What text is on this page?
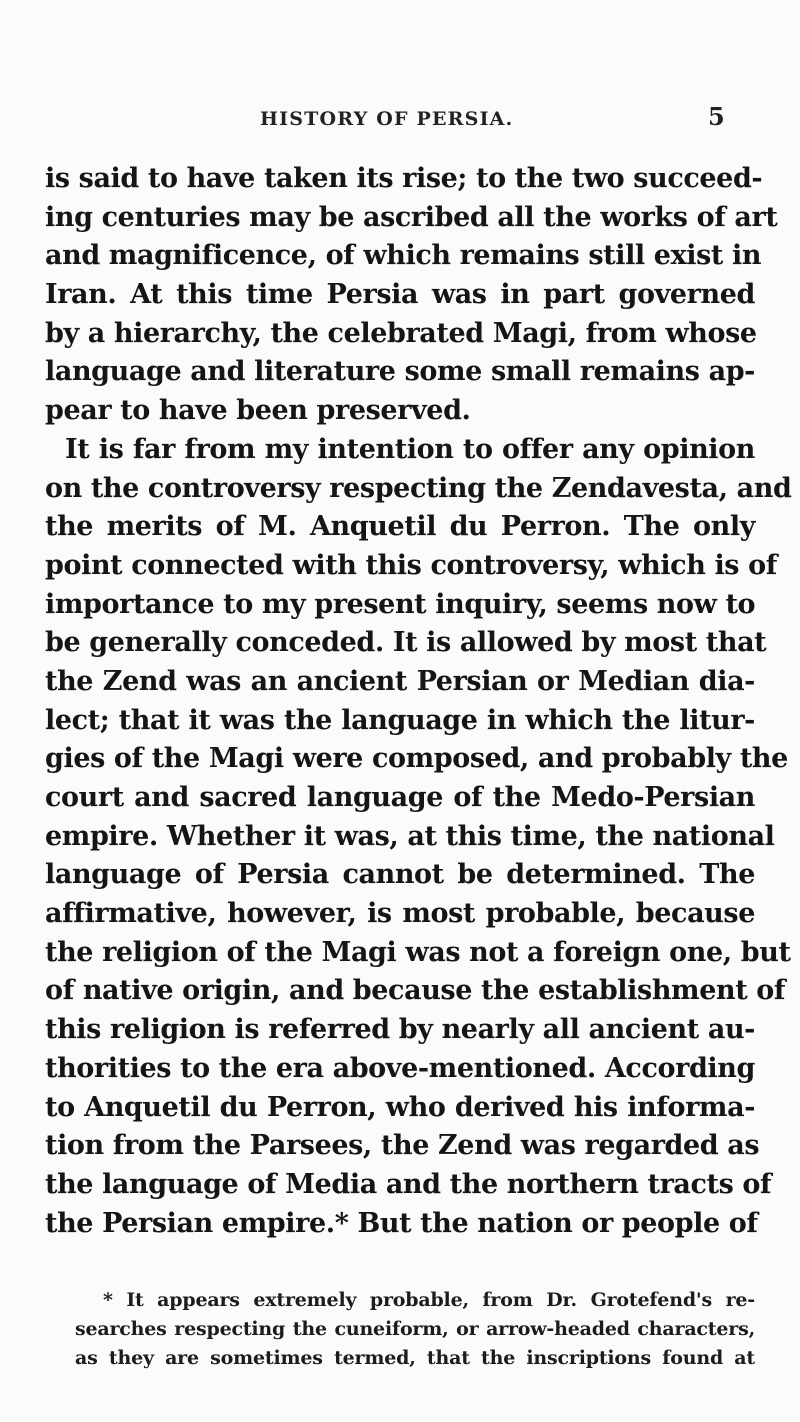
HISTORY OF PERSIA.	5
is said to have taken its rise; to the two succeed-
ing centuries may be ascribed all the works of art
and magnificence, of which remains still exist in
Iran. At this time Persia was in part governed
by a hierarchy, the celebrated Magi, from whose
language and literature some small remains ap-
pear to have been preserved.
It is far from my intention to offer any opinion
on the controversy respecting the Zendavesta, and
the merits of M. Anquetil du Perron. The only
point connected with this controversy, which is of
importance to my present inquiry, seems now to
be generally conceded. It is allowed by most that
the Zend was an ancient Persian or Median dia-
lect; that it was the language in which the litur-
gies of the Magi were composed, and probably the
court and sacred language of the Medo-Persian
empire. Whether it was, at this time, the national
language of Persia cannot be determined. The
affirmative, however, is most probable, because
the religion of the Magi was not a foreign one, but
of native origin, and because the establishment of
this religion is referred by nearly all ancient au-
thorities to the era above-mentioned. According
to Anquetil du Perron, who derived his informa-
tion from the Parsees, the Zend was regarded as
the language of Media and the northern tracts of
the Persian empire.* But the nation or people of
* It appears extremely probable, from Dr. Grotefend's re-
searches respecting the cuneiform, or arrow-headed characters,
as they are sometimes termed, that the inscriptions found at
